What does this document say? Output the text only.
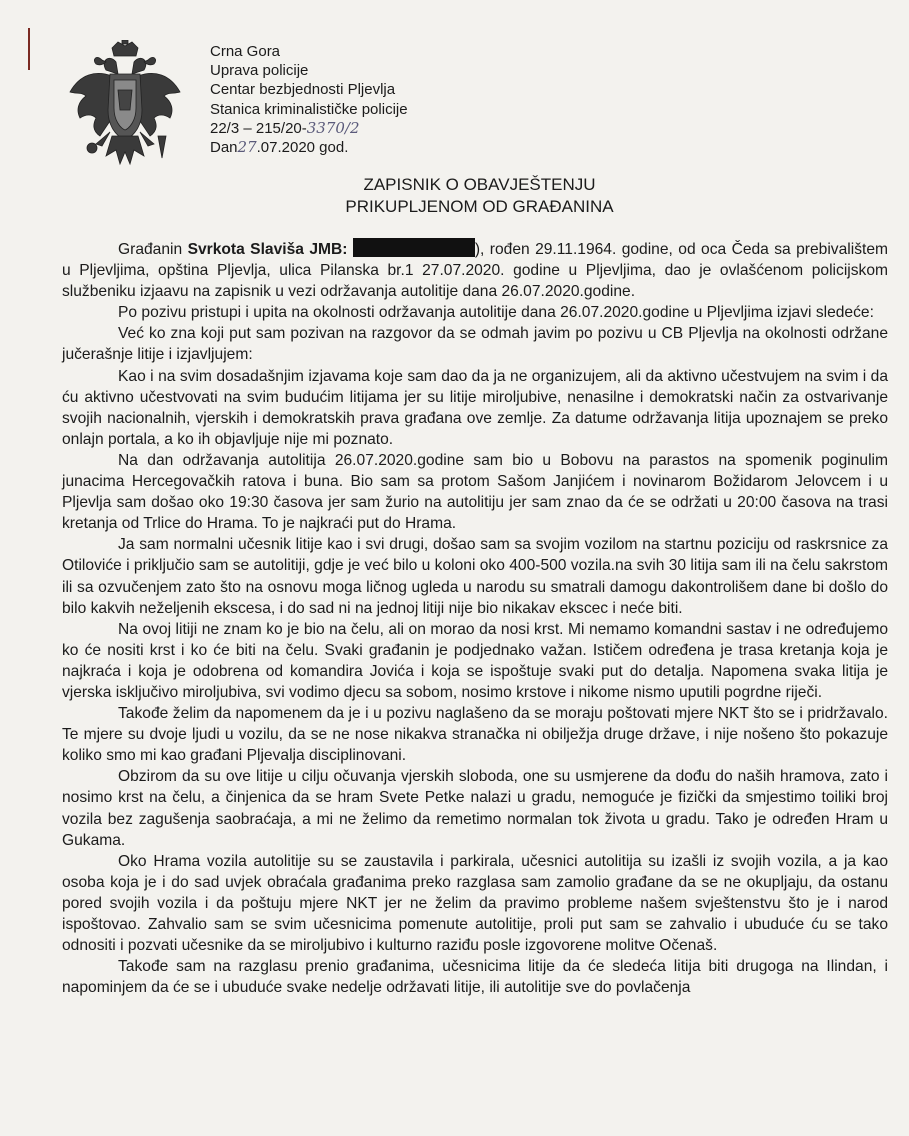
Crna Gora
Uprava policije
Centar bezbjednosti Pljevlja
Stanica kriminalističke policije
22/3 – 215/20-3370/2
Dan27.07.2020 god.
ZAPISNIK O OBAVJEŠTENJU
PRIKUPLJENOM OD GRAĐANINA

Građanin Svrkota Slaviša JMB:	), rođen 29.11.1964. godine, od oca Čeda sa prebivalištem u Pljevljima, opština Pljevlja, ulica Pilanska br.1 27.07.2020. godine u Pljevljima, dao je ovlašćenom policijskom službeniku izjaavu na zapisnik u vezi održavanja autolitije dana 26.07.2020.godine.

Po pozivu pristupi i upita na okolnosti održavanja autolitije dana 26.07.2020.godine u Pljevljima izjavi sledeće:

Već ko zna koji put sam pozivan na razgovor da se odmah javim po pozivu u CB Pljevlja na okolnosti održane jučerašnje litije i izjavljujem:

Kao i na svim dosadašnjim izjavama koje sam dao da ja ne organizujem, ali da aktivno učestvujem na svim i da ću aktivno učestvovati na svim budućim litijama jer su litije miroljubive, nenasilne i demokratski način za ostvarivanje svojih nacionalnih, vjerskih i demokratskih prava građana ove zemlje. Za datume održavanja litija upoznajem se preko onlajn portala, a ko ih objavljuje nije mi poznato.

Na dan održavanja autolitija 26.07.2020.godine sam bio u Bobovu na parastos na spomenik poginulim junacima Hercegovačkih ratova i buna. Bio sam sa protom Sašom Janjićem i novinarom Božidarom Jelovcem i u Pljevlja sam došao oko 19:30 časova jer sam žurio na autolitiju jer sam znao da će se održati u 20:00 časova na trasi kretanja od Trlice do Hrama. To je najkraći put do Hrama.

Ja sam normalni učesnik litije kao i svi drugi, došao sam sa svojim vozilom na startnu poziciju od raskrsnice za Otiloviće i priključio sam se autolitiji, gdje je već bilo u koloni oko 400-500 vozila.na svih 30 litija sam ili na čelu sakrstom ili sa ozvučenjem zato što na osnovu moga ličnog ugleda u narodu su smatrali damogu dakontrolišem dane bi došlo do bilo kakvih neželjenih ekscesa, i do sad ni na jednoj litiji nije bio nikakav ekscec i neće biti.

Na ovoj litiji ne znam ko je bio na čelu, ali on morao da nosi krst. Mi nemamo komandni sastav i ne određujemo ko će nositi krst i ko će biti na čelu. Svaki građanin je podjednako važan. Ističem određena je trasa kretanja koja je najkraća i koja je odobrena od komandira Jovića i koja se ispoštuje svaki put do detalja. Napomena svaka litija je vjerska isključivo miroljubiva, svi vodimo djecu sa sobom, nosimo krstove i nikome nismo uputili pogrdne riječi.

Takođe želim da napomenem da je i u pozivu naglašeno da se moraju poštovati mjere NKT što se i pridržavalo. Te mjere su dvoje ljudi u vozilu, da se ne nose nikakva stranačka ni obilježja druge države, i nije nošeno što pokazuje koliko smo mi kao građani Pljevalja disciplinovani.

Obzirom da su ove litije u cilju očuvanja vjerskih sloboda, one su usmjerene da dođu do naših hramova, zato i nosimo krst na čelu, a činjenica da se hram Svete Petke nalazi u gradu, nemoguće je fizički da smjestimo toiliki broj vozila bez zagušenja saobraćaja, a mi ne želimo da remetimo normalan tok života u gradu. Tako je određen Hram u Gukama.

Oko Hrama vozila autolitije su se zaustavila i parkirala, učesnici autolitija su izašli iz svojih vozila, a ja kao osoba koja je i do sad uvjek obraćala građanima preko razglasa sam zamolio građane da se ne okupljaju, da ostanu pored svojih vozila i da poštuju mjere NKT jer ne želim da pravimo probleme našem svještenstvu što je i narod ispoštovao. Zahvalio sam se svim učesnicima pomenute autolitije, proli put sam se zahvalio i ubuduće ću se tako odnositi i pozvati učesnike da se miroljubivo i kulturno raziđu posle izgovorene molitve Očenaš.

Takođe sam na razglasu prenio građanima, učesnicima litije da će sledeća litija biti drugoga na Ilindan, i napominjem da će se i ubuduće svake nedelje održavati litije, ili autolitije sve do povlačenja
